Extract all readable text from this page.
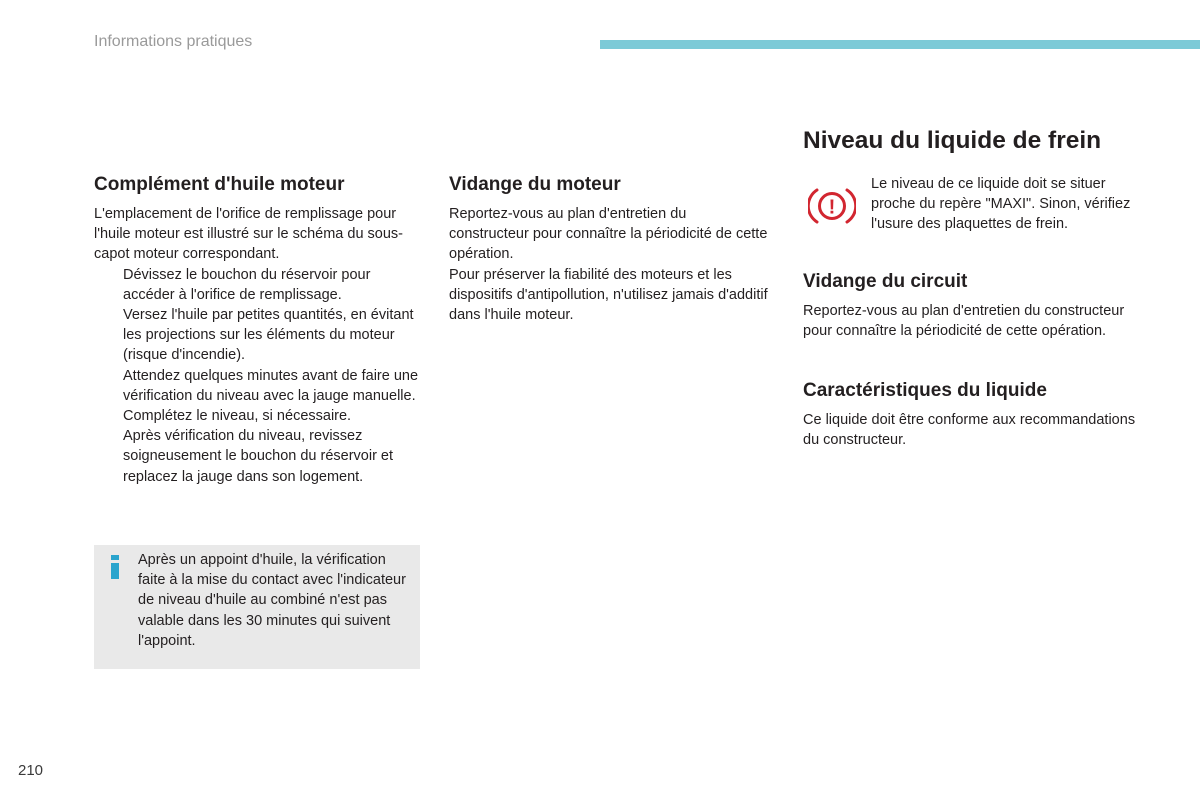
Informations pratiques
Complément d'huile moteur

L'emplacement de l'orifice de remplissage pour l'huile moteur est illustré sur le schéma du sous-capot moteur correspondant.

Dévissez le bouchon du réservoir pour accéder à l'orifice de remplissage.
Versez l'huile par petites quantités, en évitant les projections sur les éléments du moteur (risque d'incendie).
Attendez quelques minutes avant de faire une vérification du niveau avec la jauge manuelle.
Complétez le niveau, si nécessaire.
Après vérification du niveau, revissez soigneusement le bouchon du réservoir et replacez la jauge dans son logement.
Après un appoint d'huile, la vérification faite à la mise du contact avec l'indicateur de niveau d'huile au combiné n'est pas valable dans les 30 minutes qui suivent l'appoint.
Vidange du moteur

Reportez-vous au plan d'entretien du constructeur pour connaître la périodicité de cette opération.

Pour préserver la fiabilité des moteurs et les dispositifs d'antipollution, n'utilisez jamais d'additif dans l'huile moteur.

Niveau du liquide de frein
!
Le niveau de ce liquide doit se situer proche du repère "MAXI". Sinon, vérifiez l'usure des plaquettes de frein.
Vidange du circuit

Reportez-vous au plan d'entretien du constructeur pour connaître la périodicité de cette opération.

Caractéristiques du liquide

Ce liquide doit être conforme aux recommandations du constructeur.

210
